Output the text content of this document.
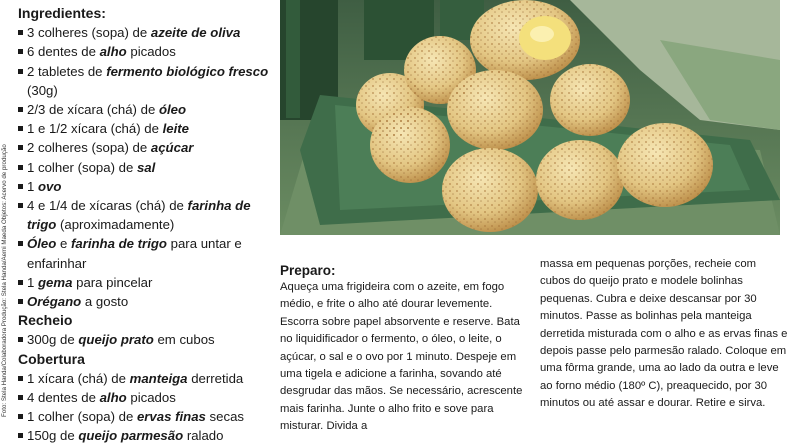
Foto: Stela Handa/Colaboradora Produção: Stela Handa/Aemi Maeda Objetos: Acervo de produção
Ingredientes:
3 colheres (sopa) de azeite de oliva
6 dentes de alho picados
2 tabletes de fermento biológico fresco (30g)
2/3 de xícara (chá) de óleo
1 e 1/2 xícara (chá) de leite
2 colheres (sopa) de açúcar
1 colher (sopa) de sal
1 ovo
4 e 1/4 de xícaras (chá) de farinha de trigo (aproximadamente)
Óleo e farinha de trigo para untar e enfarinhar
1 gema para pincelar
Orégano a gosto
Recheio
300g de queijo prato em cubos
Cobertura
1 xícara (chá) de manteiga derretida
4 dentes de alho picados
1 colher (sopa) de ervas finas secas
150g de queijo parmesão ralado
Preparo:

Aqueça uma frigideira com o azeite, em fogo médio, e frite o alho até dourar levemente. Escorra sobre papel absorvente e reserve. Bata no liquidificador o fermento, o óleo, o leite, o açúcar, o sal e o ovo por 1 minuto. Despeje em uma tigela e adicione a farinha, sovando até desgrudar das mãos. Se necessário, acrescente mais farinha. Junte o alho frito e sove para misturar. Divida a

massa em pequenas porções, recheie com cubos do queijo prato e modele bolinhas pequenas. Cubra e deixe descansar por 30 minutos. Passe as bolinhas pela manteiga derretida misturada com o alho e as ervas finas e depois passe pelo parmesão ralado. Coloque em uma fôrma grande, uma ao lado da outra e leve ao forno médio (180º C), preaquecido, por 30 minutos ou até assar e dourar. Retire e sirva.
